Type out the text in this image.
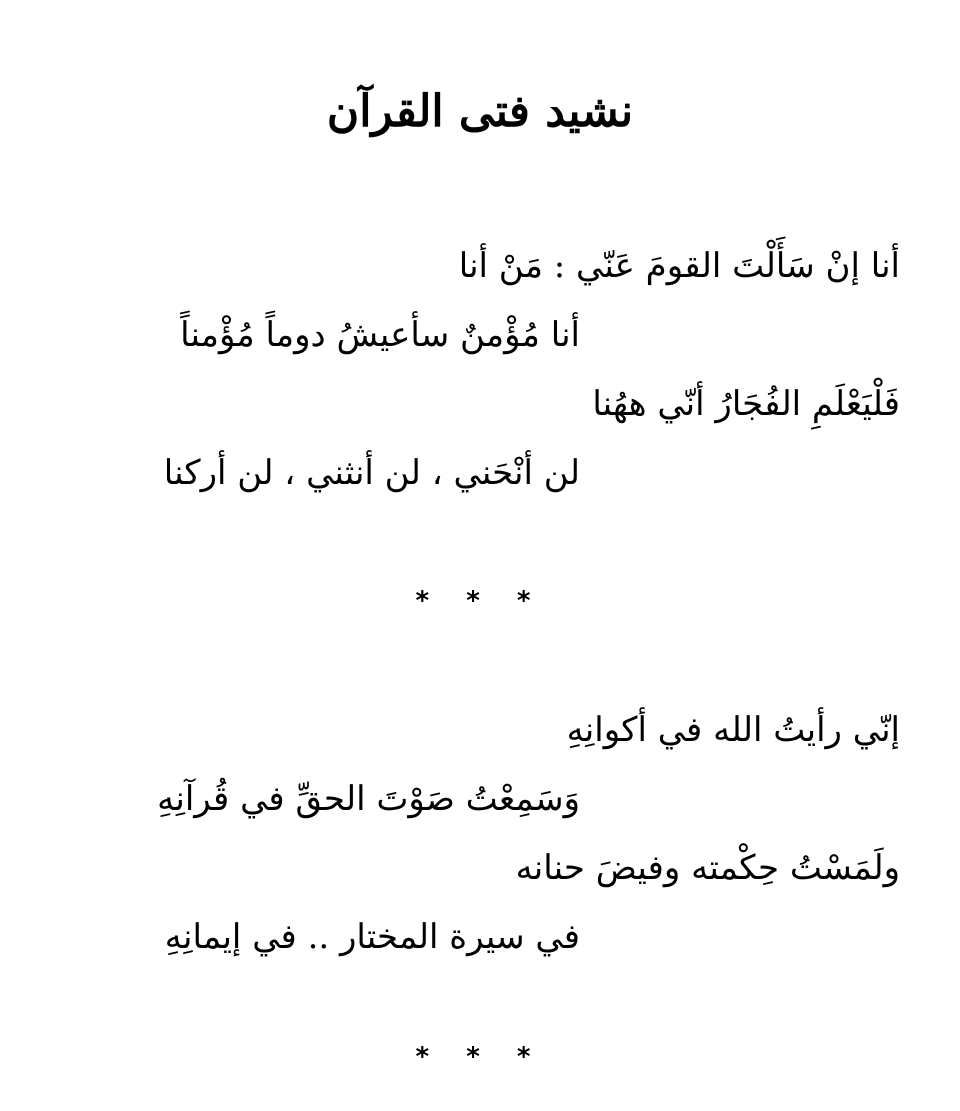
نشيد فتى القرآن
أنا إنْ سَأَلْتَ القومَ عَنّي : مَنْ أنا
أنا مُؤْمنٌ سأعيشُ دوماً مُؤْمناً
فَلْيَعْلَمِ الفُجَارُ أنّي ههُنا
لن أنْحَني ، لن أنثني ، لن أركنا
* * *
إنّي رأيتُ الله في أكوانِهِ
وَسَمِعْتُ صَوْتَ الحقِّ في قُرآنِهِ
ولَمَسْتُ حِكْمته وفيضَ حنانه
في سيرة المختار .. في إيمانِهِ
* * *
